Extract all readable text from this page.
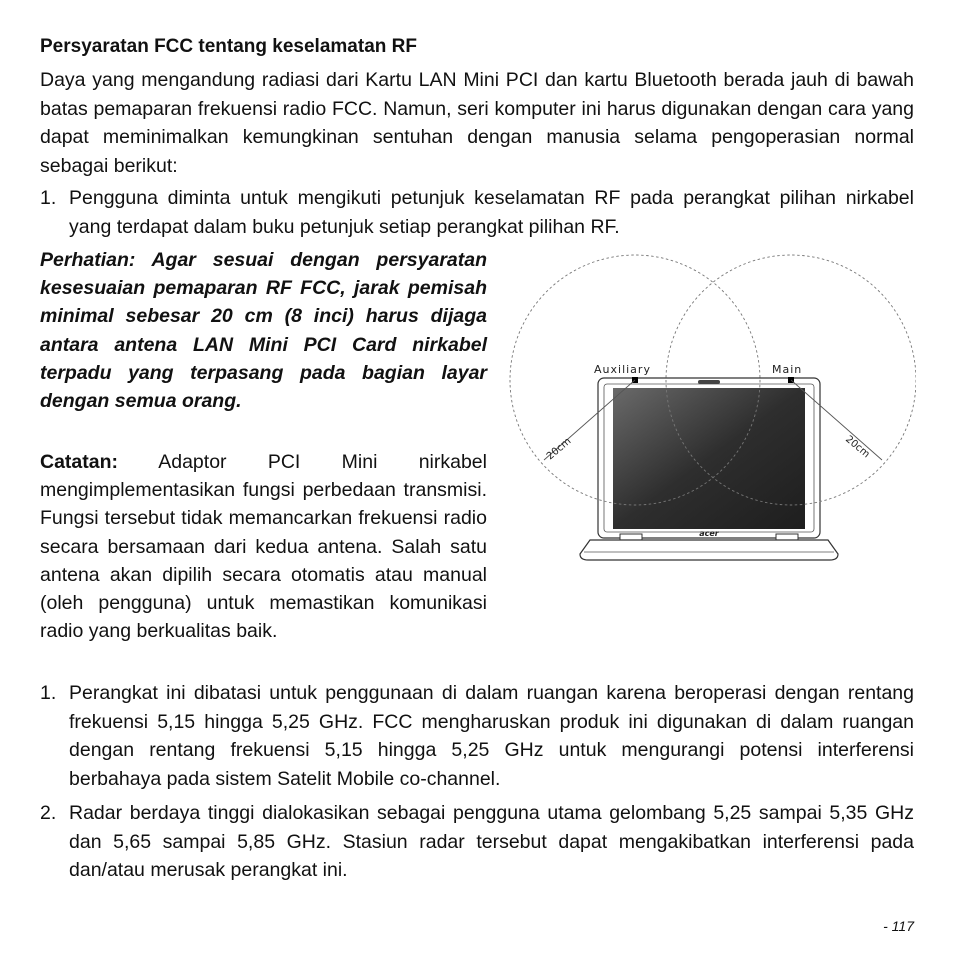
Persyaratan FCC tentang keselamatan RF
Daya yang mengandung radiasi dari Kartu LAN Mini PCI dan kartu Bluetooth berada jauh di bawah batas pemaparan frekuensi radio FCC. Namun, seri komputer ini harus digunakan dengan cara yang dapat meminimalkan kemungkinan sentuhan dengan manusia selama pengoperasian normal sebagai berikut:
1. Pengguna diminta untuk mengikuti petunjuk keselamatan RF pada perangkat pilihan nirkabel yang terdapat dalam buku petunjuk setiap perangkat pilihan RF.
Perhatian: Agar sesuai dengan persyaratan kesesuaian pemaparan RF FCC, jarak pemisah minimal sebesar 20 cm (8 inci) harus dijaga antara antena LAN Mini PCI Card nirkabel terpadu yang terpasang pada bagian layar dengan semua orang.
Catatan: Adaptor PCI Mini nirkabel mengimplementasikan fungsi perbedaan transmisi. Fungsi tersebut tidak memancarkan frekuensi radio secara bersamaan dari kedua antena. Salah satu antena akan dipilih secara otomatis atau manual (oleh pengguna) untuk memastikan komunikasi radio yang berkualitas baik.
acer
Auxiliary	Main
20cm	20cm
1. Perangkat ini dibatasi untuk penggunaan di dalam ruangan karena beroperasi dengan rentang frekuensi 5,15 hingga 5,25 GHz. FCC mengharuskan produk ini digunakan di dalam ruangan dengan rentang frekuensi 5,15 hingga 5,25 GHz untuk mengurangi potensi interferensi berbahaya pada sistem Satelit Mobile co-channel.
2. Radar berdaya tinggi dialokasikan sebagai pengguna utama gelombang 5,25 sampai 5,35 GHz dan 5,65 sampai 5,85 GHz. Stasiun radar tersebut dapat mengakibatkan interferensi pada dan/atau merusak perangkat ini.
- 117
